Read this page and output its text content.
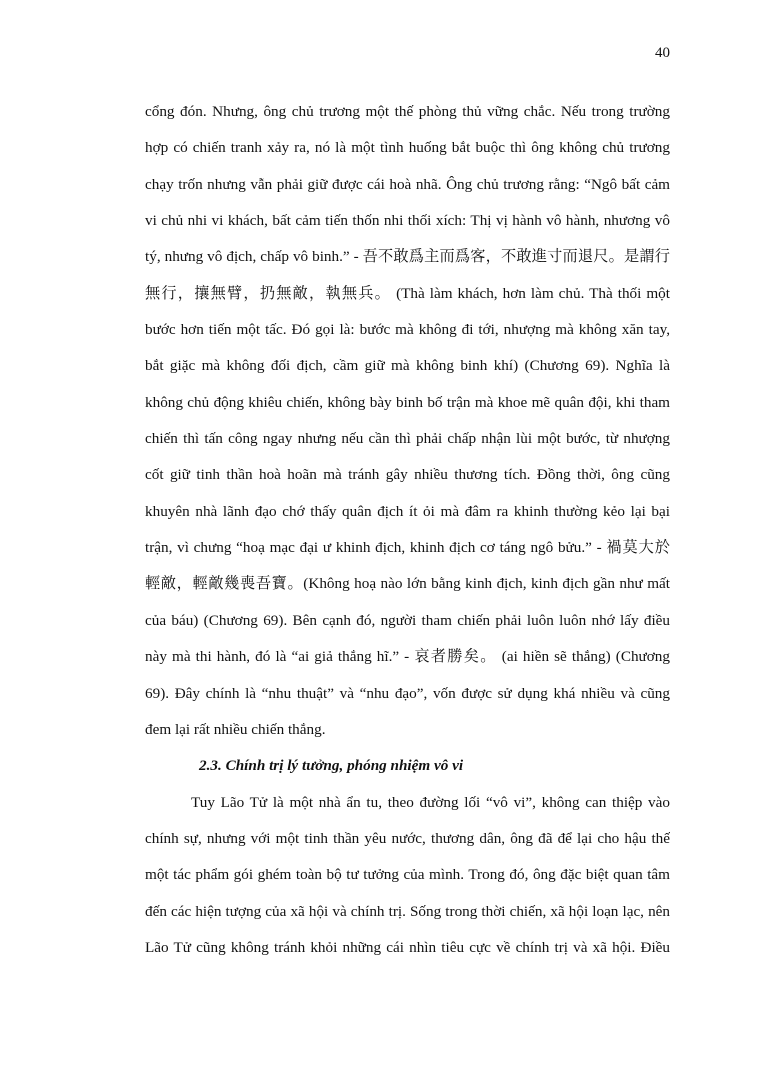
40
cổng đón. Nhưng, ông chủ trương một thế phòng thủ vững chắc. Nếu trong trường
hợp có chiến tranh xảy ra, nó là một tình huống bắt buộc thì ông không chủ trương
chạy trốn nhưng vẫn phải giữ được cái hoà nhã. Ông chủ trương rằng: “Ngô bất cảm
vi chủ nhi vi khách, bất cảm tiến thốn nhi thối xích: Thị vị hành vô hành, nhương vô
tý, nhưng vô địch, chấp vô binh.” - 吾不敢爲主而爲客，不敢進寸而退尺。是謂行
無行，攘無臂，扔無敵，執無兵。 (Thà làm khách, hơn làm chủ. Thà thối một
bước hơn tiến một tấc. Đó gọi là: bước mà không đi tới, nhượng mà không xăn tay,
bắt giặc mà không đối địch, cầm giữ mà không binh khí) (Chương 69). Nghĩa là
không chủ động khiêu chiến, không bày binh bố trận mà khoe mẽ quân đội, khi tham
chiến thì tấn công ngay nhưng nếu cần thì phải chấp nhận lùi một bước, từ nhượng
cốt giữ tinh thần hoà hoãn mà tránh gây nhiều thương tích. Đồng thời, ông cũng
khuyên nhà lãnh đạo chớ thấy quân địch ít ỏi mà đâm ra khinh thường kẻo lại bại
trận, vì chưng “hoạ mạc đại ư khinh địch, khinh địch cơ táng ngô bửu.” - 禍莫大於
輕敵，輕敵幾喪吾寶。(Không hoạ nào lớn bằng kinh địch, kinh địch gần như mất
của báu) (Chương 69). Bên cạnh đó, người tham chiến phải luôn luôn nhớ lấy điều
này mà thi hành, đó là “ai giả thắng hĩ.” - 哀者勝矣。 (ai hiền sẽ thắng) (Chương
69). Đây chính là “nhu thuật” và “nhu đạo”, vốn được sử dụng khá nhiều và cũng
đem lại rất nhiều chiến thắng.
2.3. Chính trị lý tưởng, phóng nhiệm vô vi
Tuy Lão Tử là một nhà ẩn tu, theo đường lối “vô vi”, không can thiệp vào
chính sự, nhưng với một tinh thần yêu nước, thương dân, ông đã để lại cho hậu thế
một tác phẩm gói ghém toàn bộ tư tưởng của mình. Trong đó, ông đặc biệt quan tâm
đến các hiện tượng của xã hội và chính trị. Sống trong thời chiến, xã hội loạn lạc, nên
Lão Tử cũng không tránh khỏi những cái nhìn tiêu cực về chính trị và xã hội. Điều
